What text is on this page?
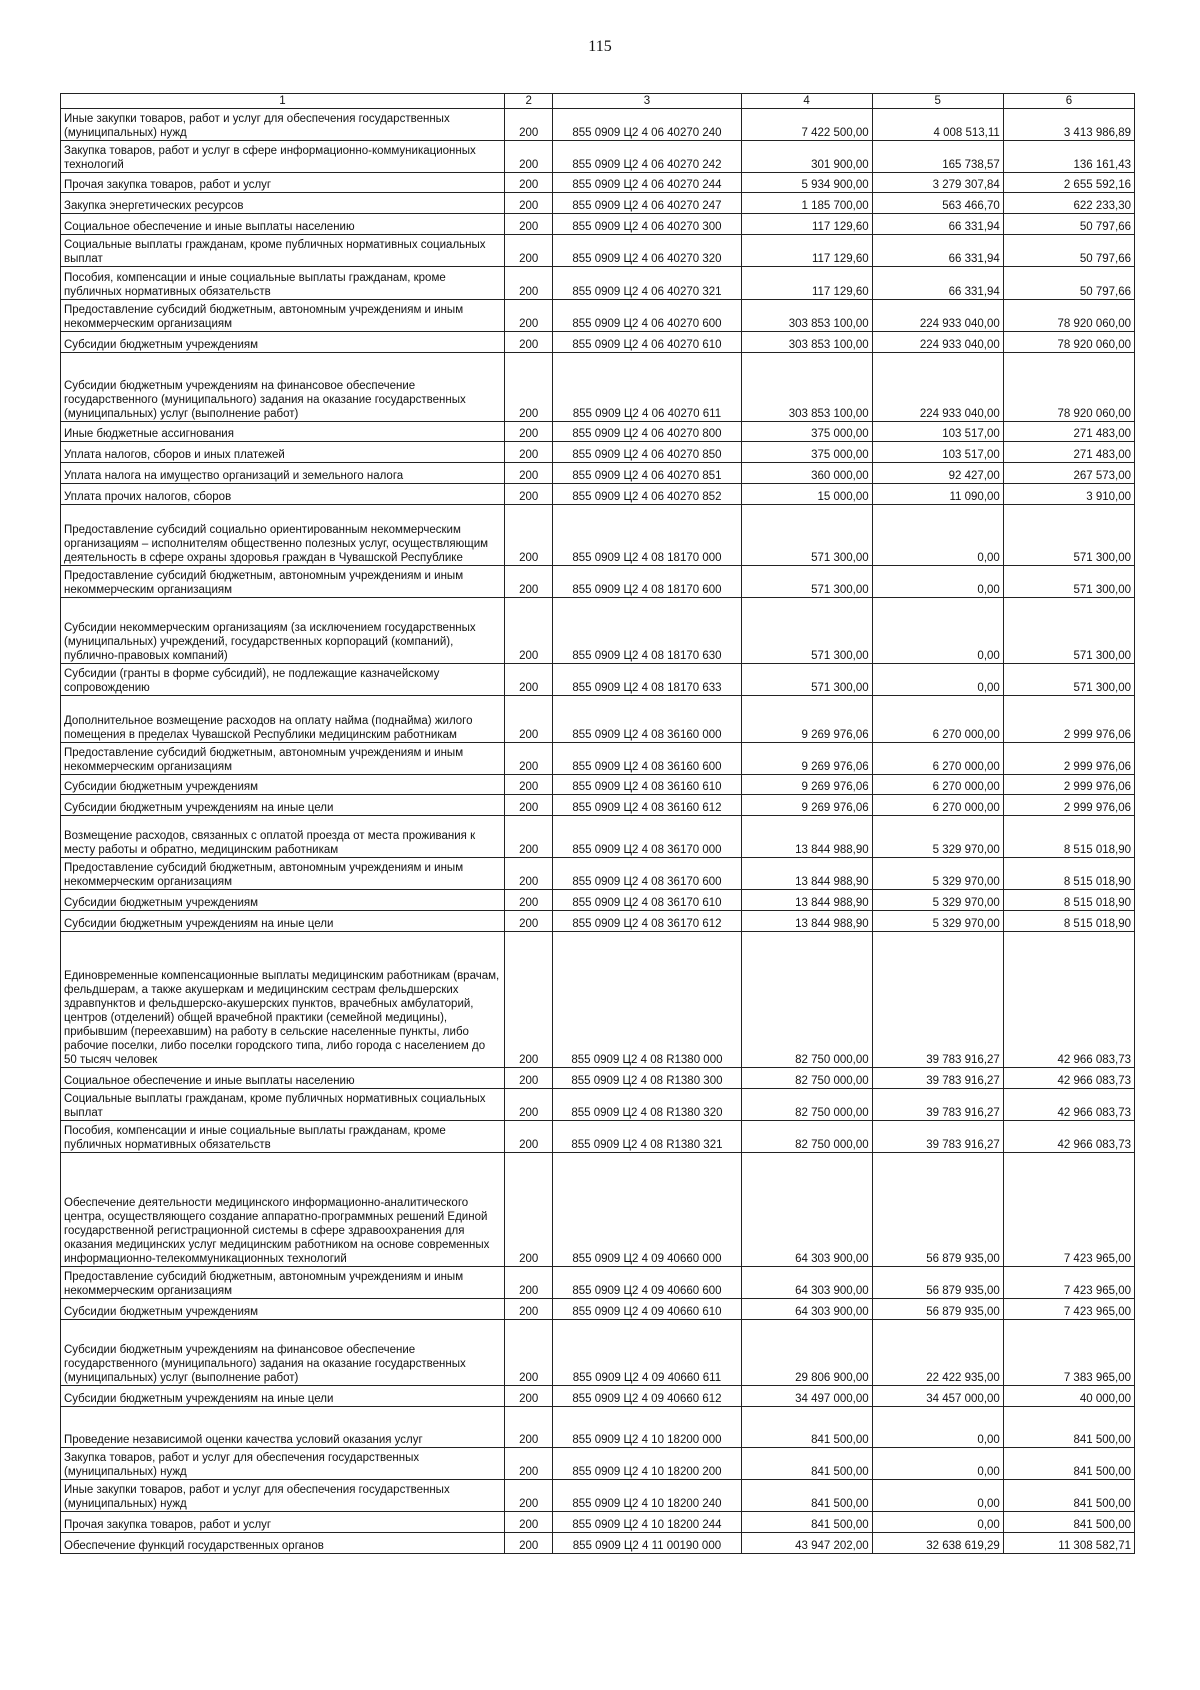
115
1	2	3	4	5	6
Иные закупки товаров, работ и услуг для обеспечения государственных (муниципальных) нужд	200	855 0909 Ц2 4 06 40270 240	7 422 500,00	4 008 513,11	3 413 986,89
Закупка товаров, работ и услуг в сфере информационно-коммуникационных технологий	200	855 0909 Ц2 4 06 40270 242	301 900,00	165 738,57	136 161,43
Прочая закупка товаров, работ и услуг	200	855 0909 Ц2 4 06 40270 244	5 934 900,00	3 279 307,84	2 655 592,16
Закупка энергетических ресурсов	200	855 0909 Ц2 4 06 40270 247	1 185 700,00	563 466,70	622 233,30
Социальное обеспечение и иные выплаты населению	200	855 0909 Ц2 4 06 40270 300	117 129,60	66 331,94	50 797,66
Социальные выплаты гражданам, кроме публичных нормативных социальных выплат	200	855 0909 Ц2 4 06 40270 320	117 129,60	66 331,94	50 797,66
Пособия, компенсации и иные социальные выплаты гражданам, кроме публичных нормативных обязательств	200	855 0909 Ц2 4 06 40270 321	117 129,60	66 331,94	50 797,66
Предоставление субсидий бюджетным, автономным учреждениям и иным некоммерческим организациям	200	855 0909 Ц2 4 06 40270 600	303 853 100,00	224 933 040,00	78 920 060,00
Субсидии бюджетным учреждениям	200	855 0909 Ц2 4 06 40270 610	303 853 100,00	224 933 040,00	78 920 060,00
Субсидии бюджетным учреждениям на финансовое обеспечение государственного (муниципального) задания на оказание государственных (муниципальных) услуг (выполнение работ)	200	855 0909 Ц2 4 06 40270 611	303 853 100,00	224 933 040,00	78 920 060,00
Иные бюджетные ассигнования	200	855 0909 Ц2 4 06 40270 800	375 000,00	103 517,00	271 483,00
Уплата налогов, сборов и иных платежей	200	855 0909 Ц2 4 06 40270 850	375 000,00	103 517,00	271 483,00
Уплата налога на имущество организаций и земельного налога	200	855 0909 Ц2 4 06 40270 851	360 000,00	92 427,00	267 573,00
Уплата прочих налогов, сборов	200	855 0909 Ц2 4 06 40270 852	15 000,00	11 090,00	3 910,00
Предоставление субсидий социально ориентированным некоммерческим организациям – исполнителям общественно полезных услуг, осуществляющим деятельность в сфере охраны здоровья граждан в Чувашской Республике	200	855 0909 Ц2 4 08 18170 000	571 300,00	0,00	571 300,00
Предоставление субсидий бюджетным, автономным учреждениям и иным некоммерческим организациям	200	855 0909 Ц2 4 08 18170 600	571 300,00	0,00	571 300,00
Субсидии некоммерческим организациям (за исключением государственных (муниципальных) учреждений, государственных корпораций (компаний), публично-правовых компаний)	200	855 0909 Ц2 4 08 18170 630	571 300,00	0,00	571 300,00
Субсидии (гранты в форме субсидий), не подлежащие казначейскому сопровождению	200	855 0909 Ц2 4 08 18170 633	571 300,00	0,00	571 300,00
Дополнительное возмещение расходов на оплату найма (поднайма) жилого помещения в пределах Чувашской Республики медицинским работникам	200	855 0909 Ц2 4 08 36160 000	9 269 976,06	6 270 000,00	2 999 976,06
Предоставление субсидий бюджетным, автономным учреждениям и иным некоммерческим организациям	200	855 0909 Ц2 4 08 36160 600	9 269 976,06	6 270 000,00	2 999 976,06
Субсидии бюджетным учреждениям	200	855 0909 Ц2 4 08 36160 610	9 269 976,06	6 270 000,00	2 999 976,06
Субсидии бюджетным учреждениям на иные цели	200	855 0909 Ц2 4 08 36160 612	9 269 976,06	6 270 000,00	2 999 976,06
Возмещение расходов, связанных с оплатой проезда от места проживания к месту работы и обратно, медицинским работникам	200	855 0909 Ц2 4 08 36170 000	13 844 988,90	5 329 970,00	8 515 018,90
Предоставление субсидий бюджетным, автономным учреждениям и иным некоммерческим организациям	200	855 0909 Ц2 4 08 36170 600	13 844 988,90	5 329 970,00	8 515 018,90
Субсидии бюджетным учреждениям	200	855 0909 Ц2 4 08 36170 610	13 844 988,90	5 329 970,00	8 515 018,90
Субсидии бюджетным учреждениям на иные цели	200	855 0909 Ц2 4 08 36170 612	13 844 988,90	5 329 970,00	8 515 018,90
Единовременные компенсационные выплаты медицинским работникам (врачам, фельдшерам, а также акушеркам и медицинским сестрам фельдшерских здравпунктов и фельдшерско-акушерских пунктов, врачебных амбулаторий, центров (отделений) общей врачебной практики (семейной медицины), прибывшим (переехавшим) на работу в сельские населенные пункты, либо рабочие поселки, либо поселки городского типа, либо города с населением до 50 тысяч человек	200	855 0909 Ц2 4 08 R1380 000	82 750 000,00	39 783 916,27	42 966 083,73
Социальное обеспечение и иные выплаты населению	200	855 0909 Ц2 4 08 R1380 300	82 750 000,00	39 783 916,27	42 966 083,73
Социальные выплаты гражданам, кроме публичных нормативных социальных выплат	200	855 0909 Ц2 4 08 R1380 320	82 750 000,00	39 783 916,27	42 966 083,73
Пособия, компенсации и иные социальные выплаты гражданам, кроме публичных нормативных обязательств	200	855 0909 Ц2 4 08 R1380 321	82 750 000,00	39 783 916,27	42 966 083,73
Обеспечение деятельности медицинского информационно-аналитического центра, осуществляющего создание аппаратно-программных решений Единой государственной регистрационной системы в сфере здравоохранения для оказания медицинских услуг медицинским работником на основе современных информационно-телекоммуникационных технологий	200	855 0909 Ц2 4 09 40660 000	64 303 900,00	56 879 935,00	7 423 965,00
Предоставление субсидий бюджетным, автономным учреждениям и иным некоммерческим организациям	200	855 0909 Ц2 4 09 40660 600	64 303 900,00	56 879 935,00	7 423 965,00
Субсидии бюджетным учреждениям	200	855 0909 Ц2 4 09 40660 610	64 303 900,00	56 879 935,00	7 423 965,00
Субсидии бюджетным учреждениям на финансовое обеспечение государственного (муниципального) задания на оказание государственных (муниципальных) услуг (выполнение работ)	200	855 0909 Ц2 4 09 40660 611	29 806 900,00	22 422 935,00	7 383 965,00
Субсидии бюджетным учреждениям на иные цели	200	855 0909 Ц2 4 09 40660 612	34 497 000,00	34 457 000,00	40 000,00
Проведение независимой оценки качества условий оказания услуг	200	855 0909 Ц2 4 10 18200 000	841 500,00	0,00	841 500,00
Закупка товаров, работ и услуг для обеспечения государственных (муниципальных) нужд	200	855 0909 Ц2 4 10 18200 200	841 500,00	0,00	841 500,00
Иные закупки товаров, работ и услуг для обеспечения государственных (муниципальных) нужд	200	855 0909 Ц2 4 10 18200 240	841 500,00	0,00	841 500,00
Прочая закупка товаров, работ и услуг	200	855 0909 Ц2 4 10 18200 244	841 500,00	0,00	841 500,00
Обеспечение функций государственных органов	200	855 0909 Ц2 4 11 00190 000	43 947 202,00	32 638 619,29	11 308 582,71
